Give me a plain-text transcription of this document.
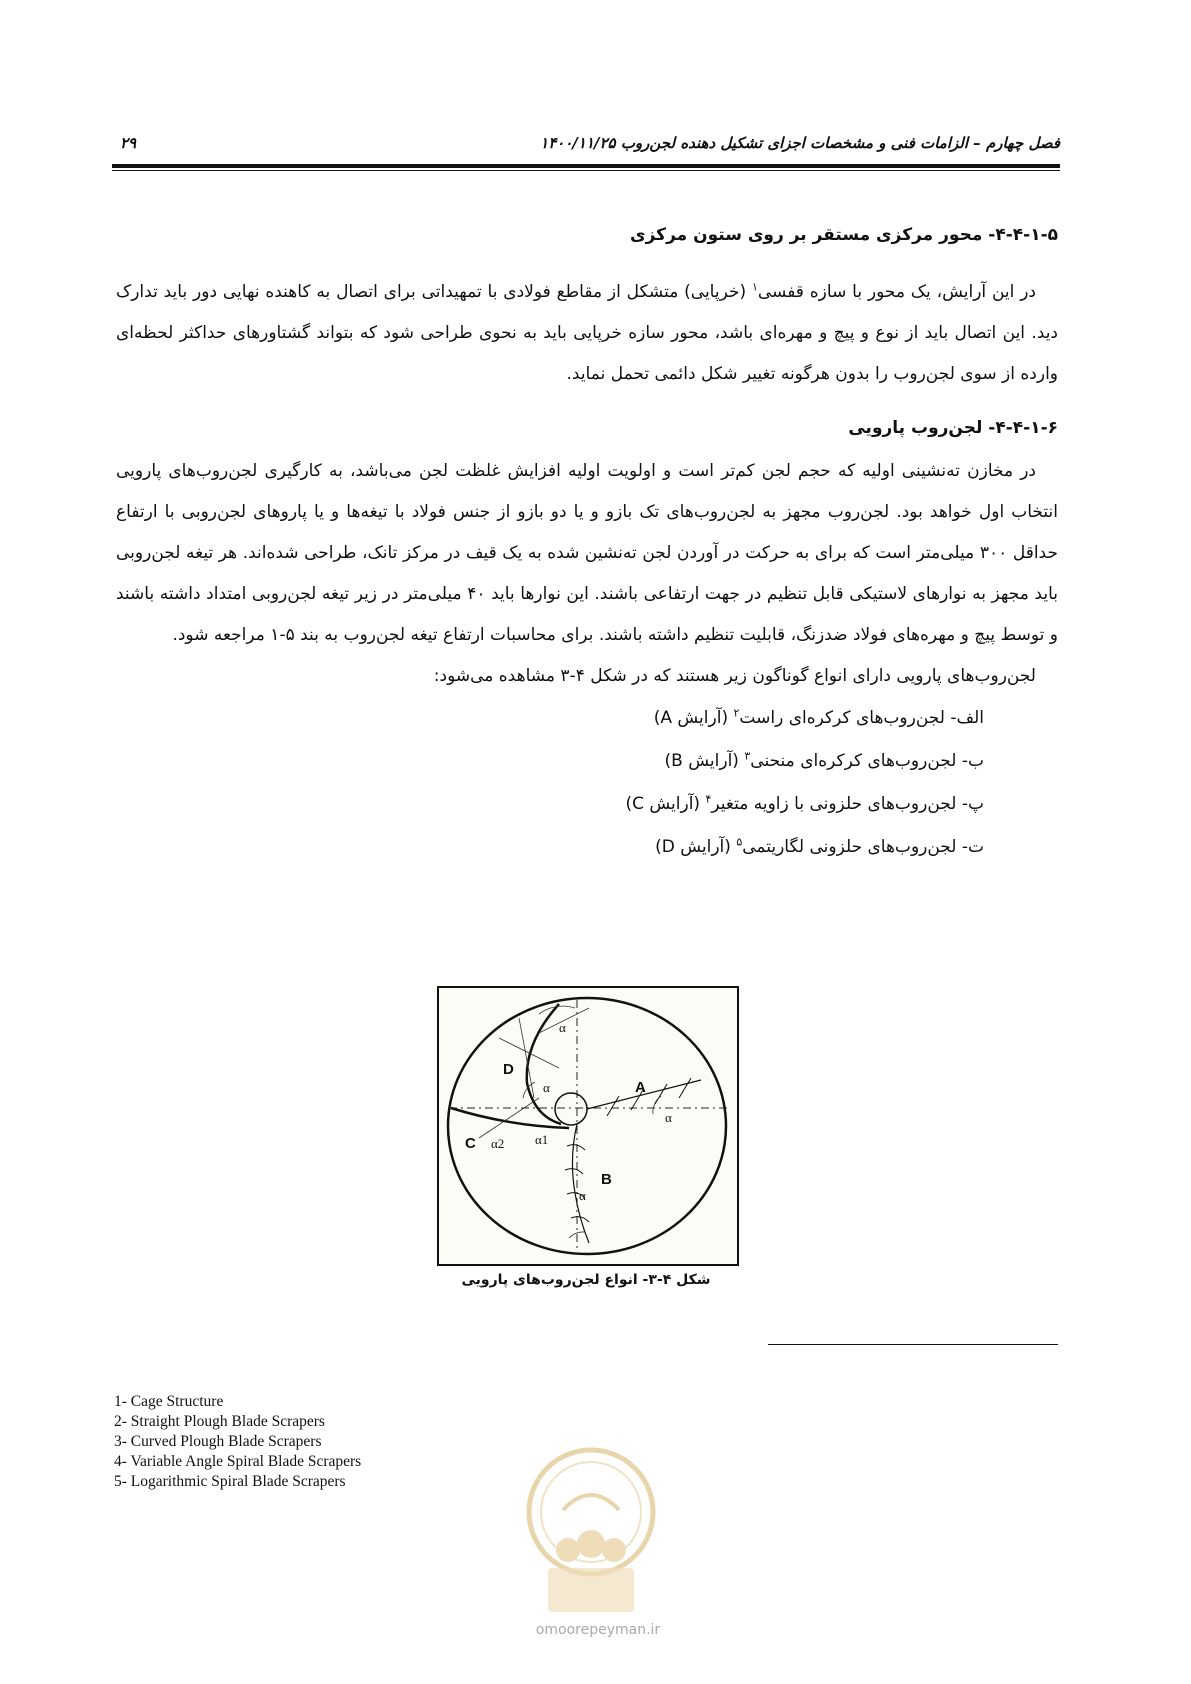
فصل چهارم – الزامات فنی و مشخصات اجزای تشکیل دهنده لجن‌روب ۱۴۰۰/۱۱/۲۵
۲۹
۴-۴-۱-۵- محور مرکزی مستقر بر روی ستون مرکزی

در این آرایش، یک محور با سازه قفسی$^۱$ (خرپایی) متشکل از مقاطع فولادی با تمهیداتی برای اتصال به کاهنده نهایی دور باید تدارک دید. این اتصال باید از نوع و پیچ و مهره‌ای باشد، محور سازه خرپایی باید به نحوی طراحی شود که بتواند گشتاورهای حداکثر لحظه‌ای وارده از سوی لجن‌روب را بدون هرگونه تغییر شکل دائمی تحمل نماید.

۴-۴-۱-۶- لجن‌روب پارویی

در مخازن ته‌نشینی اولیه که حجم لجن کم‌تر است و اولویت اولیه افزایش غلظت لجن می‌باشد، به کارگیری لجن‌روب‌های پارویی انتخاب اول خواهد بود. لجن‌روب مجهز به لجن‌روب‌های تک بازو و یا دو بازو از جنس فولاد با تیغه‌ها و یا پاروهای لجن‌روبی با ارتفاع حداقل ۳۰۰ میلی‌متر است که برای به حرکت در آوردن لجن ته‌نشین شده به یک قیف در مرکز تانک، طراحی شده‌اند. هر تیغه لجن‌روبی باید مجهز به نوارهای لاستیکی قابل تنظیم در جهت ارتفاعی باشند. این نوارها باید ۴۰ میلی‌متر در زیر تیغه لجن‌روبی امتداد داشته باشند و توسط پیچ و مهره‌های فولاد ضدزنگ، قابلیت تنظیم داشته باشند. برای محاسبات ارتفاع تیغه لجن‌روب به بند ۵-۱ مراجعه شود.

لجن‌روب‌های پارویی دارای انواع گوناگون زیر هستند که در شکل ۴-۳ مشاهده می‌شود:
الف- لجن‌روب‌های کرکره‌ای راست$^۲$ (آرایش A)
ب- لجن‌روب‌های کرکره‌ای منحنی$^۳$ (آرایش B)
پ- لجن‌روب‌های حلزونی با زاویه متغیر$^۴$ (آرایش C)
ت- لجن‌روب‌های حلزونی لگاریتمی$^۵$ (آرایش D)
D
A
C
B
α
α
α
α
α2 α1
شکل ۴-۳- انواع لجن‌روب‌های پارویی
1- Cage Structure
2- Straight Plough Blade Scrapers
3- Curved Plough Blade Scrapers
4- Variable Angle Spiral Blade Scrapers
5- Logarithmic Spiral Blade Scrapers
omoorepeyman.ir
